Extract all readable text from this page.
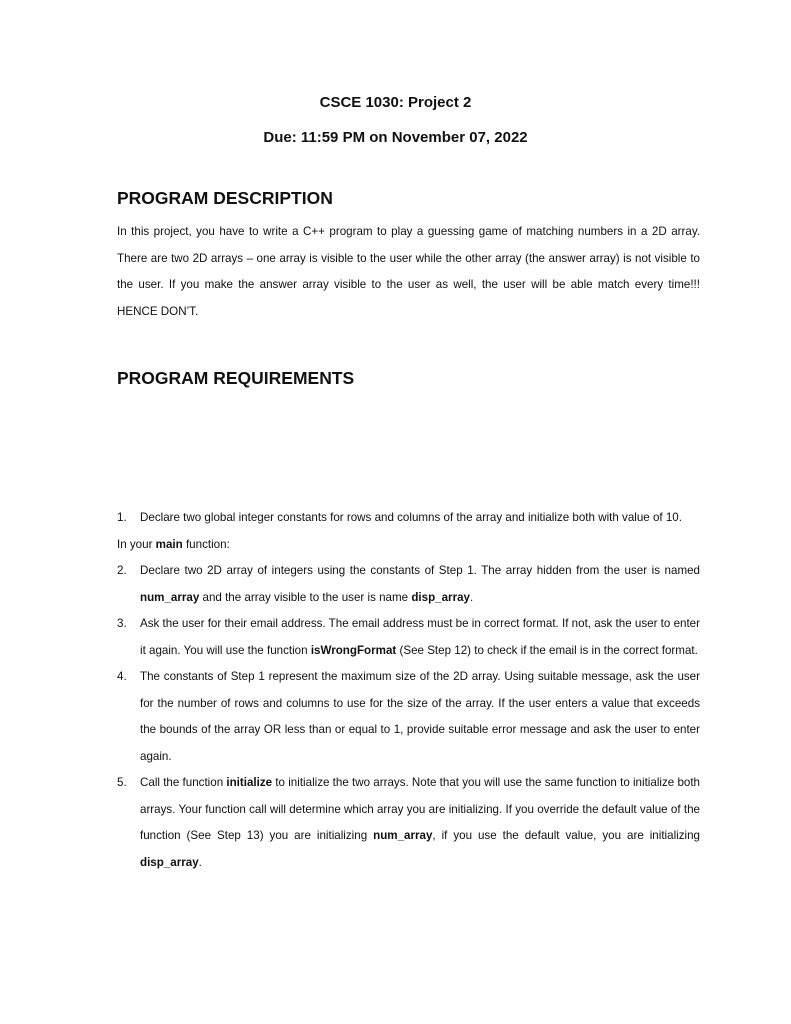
CSCE 1030: Project 2
Due: 11:59 PM on November 07, 2022
PROGRAM DESCRIPTION
In this project, you have to write a C++ program to play a guessing game of matching numbers in a 2D array. There are two 2D arrays – one array is visible to the user while the other array (the answer array) is not visible to the user. If you make the answer array visible to the user as well, the user will be able match every time!!! HENCE DON’T.
PROGRAM REQUIREMENTS
1. Declare two global integer constants for rows and columns of the array and initialize both with value of 10.
In your main function:
2. Declare two 2D array of integers using the constants of Step 1. The array hidden from the user is named num_array and the array visible to the user is name disp_array.
3. Ask the user for their email address. The email address must be in correct format. If not, ask the user to enter it again. You will use the function isWrongFormat (See Step 12) to check if the email is in the correct format.
4. The constants of Step 1 represent the maximum size of the 2D array. Using suitable message, ask the user for the number of rows and columns to use for the size of the array. If the user enters a value that exceeds the bounds of the array OR less than or equal to 1, provide suitable error message and ask the user to enter again.
5. Call the function initialize to initialize the two arrays. Note that you will use the same function to initialize both arrays. Your function call will determine which array you are initializing. If you override the default value of the function (See Step 13) you are initializing num_array, if you use the default value, you are initializing disp_array.
